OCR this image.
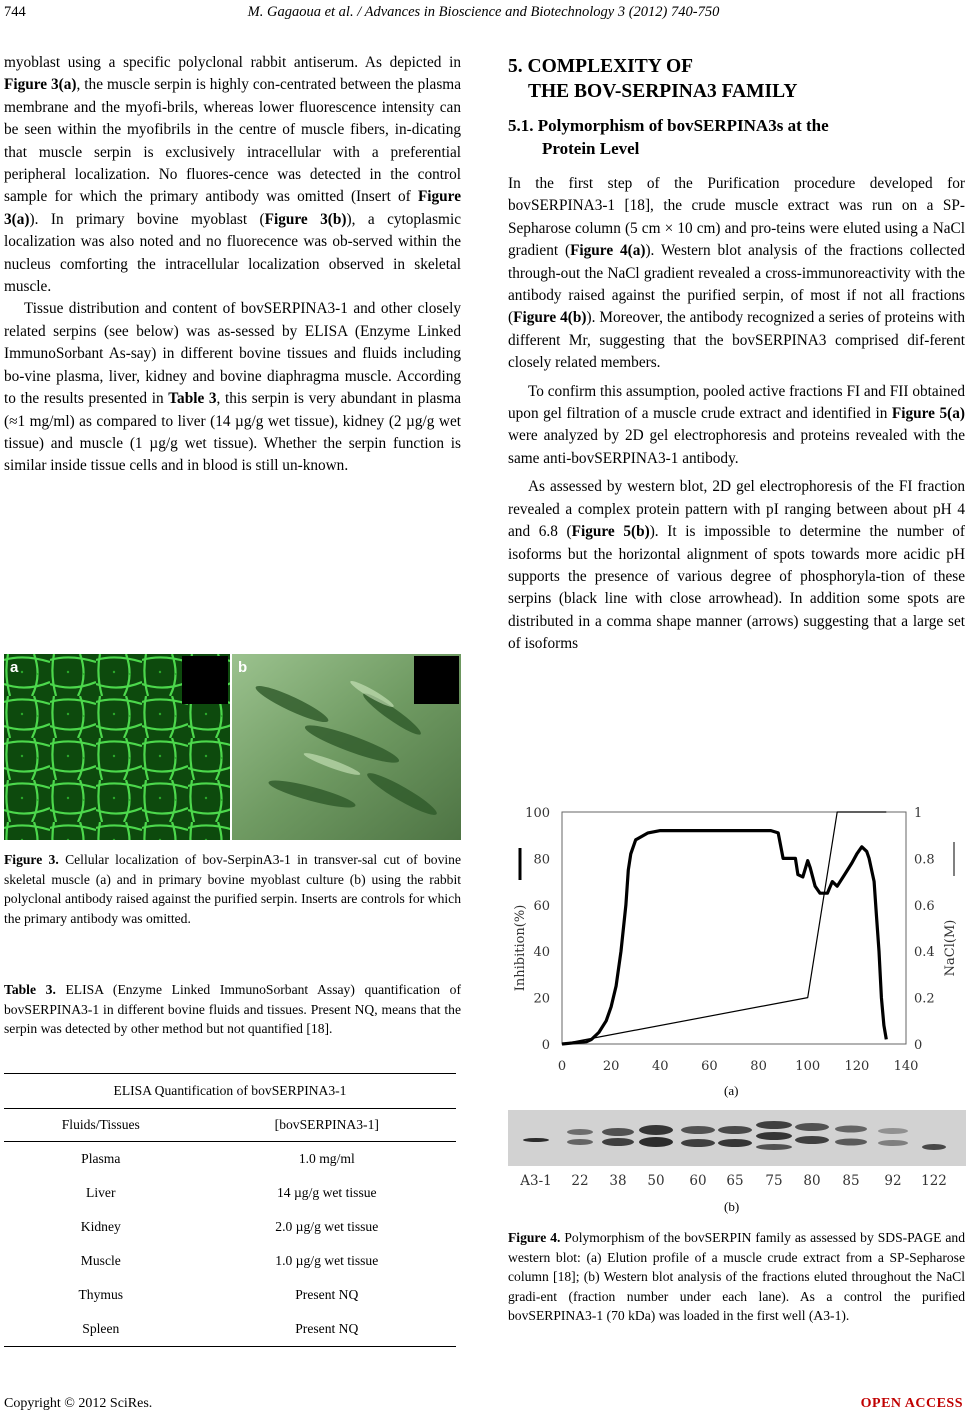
744	M. Gagaoua et al. / Advances in Bioscience and Biotechnology 3 (2012) 740-750

myoblast using a specific polyclonal rabbit antiserum. As depicted in Figure 3(a), the muscle serpin is highly con-centrated between the plasma membrane and the myofi-brils, whereas lower fluorescence intensity can be seen within the myofibrils in the centre of muscle fibers, in-dicating that muscle serpin is exclusively intracellular with a preferential peripheral localization. No fluores-cence was detected in the control sample for which the primary antibody was omitted (Insert of Figure 3(a)). In primary bovine myoblast (Figure 3(b)), a cytoplasmic localization was also noted and no fluorecence was ob-served within the nucleus comforting the intracellular localization observed in skeletal muscle.

Tissue distribution and content of bovSERPINA3-1 and other closely related serpins (see below) was as-sessed by ELISA (Enzyme Linked ImmunoSorbant As-say) in different bovine tissues and fluids including bo-vine plasma, liver, kidney and bovine diaphragma muscle. According to the results presented in Table 3, this serpin is very abundant in plasma (≈1 mg/ml) as compared to liver (14 µg/g wet tissue), kidney (2 µg/g wet tissue) and muscle (1 µg/g wet tissue). Whether the serpin function is similar inside tissue cells and in blood is still un-known.

a	b
Figure 3. Cellular localization of bov-SerpinA3-1 in transver-sal cut of bovine skeletal muscle (a) and in primary bovine myoblast culture (b) using the rabbit polyclonal antibody raised against the purified serpin. Inserts are controls for which the primary antibody was omitted.
Table 3. ELISA (Enzyme Linked ImmunoSorbant Assay) quantification of bovSERPINA3-1 in different bovine fluids and tissues. Present NQ, means that the serpin was detected by other method but not quantified [18].
ELISA Quantification of bovSERPINA3-1	
Fluids/Tissues	[bovSERPINA3-1]
Plasma	1.0 mg/ml
Liver	14 µg/g wet tissue
Kidney	2.0 µg/g wet tissue
Muscle	1.0 µg/g wet tissue
Thymus	Present NQ
Spleen	Present NQ
5. COMPLEXITY OF
THE BOV-SERPINA3 FAMILY
5.1. Polymorphism of bovSERPINA3s at the
Protein Level

In the first step of the Purification procedure developed for bovSERPINA3-1 [18], the crude muscle extract was run on a SP-Sepharose column (5 cm × 10 cm) and pro-teins were eluted using a NaCl gradient (Figure 4(a)). Western blot analysis of the fractions collected through-out the NaCl gradient revealed a cross-immunoreactivity with the antibody raised against the purified serpin, of most if not all fractions (Figure 4(b)). Moreover, the antibody recognized a series of proteins with different Mr, suggesting that the bovSERPINA3 comprised dif-ferent closely related members.

To confirm this assumption, pooled active fractions FI and FII obtained upon gel filtration of a muscle crude extract and identified in Figure 5(a) were analyzed by 2D gel electrophoresis and proteins revealed with the same anti-bovSERPINA3-1 antibody.

As assessed by western blot, 2D gel electrophoresis of the FI fraction revealed a complex protein pattern with pI ranging between about pH 4 and 6.8 (Figure 5(b)). It is impossible to determine the number of isoforms but the horizontal alignment of spots towards more acidic pH supports the presence of various degree of phosphoryla-tion of these serpins (black line with close arrowhead). In addition some spots are distributed in a comma shape manner (arrows) suggesting that a large set of isoforms

0
20
40
60
80
100
0
0.2
0.4
0.6
0.8
1
0	20	40	60	80 100 120 140
Inhibition(%)	NaCl(M)
(a)
A3-1 22 38 50 60 65 75 80 85 92 122
(b)
Figure 4. Polymorphism of the bovSERPIN family as assessed by SDS-PAGE and western blot: (a) Elution profile of a muscle crude extract from a SP-Sepharose column [18]; (b) Western blot analysis of the fractions eluted throughout the NaCl gradi-ent (fraction number under each lane). As a control the purified bovSERPINA3-1 (70 kDa) was loaded in the first well (A3-1).
Copyright © 2012 SciRes.	OPEN ACCESS
